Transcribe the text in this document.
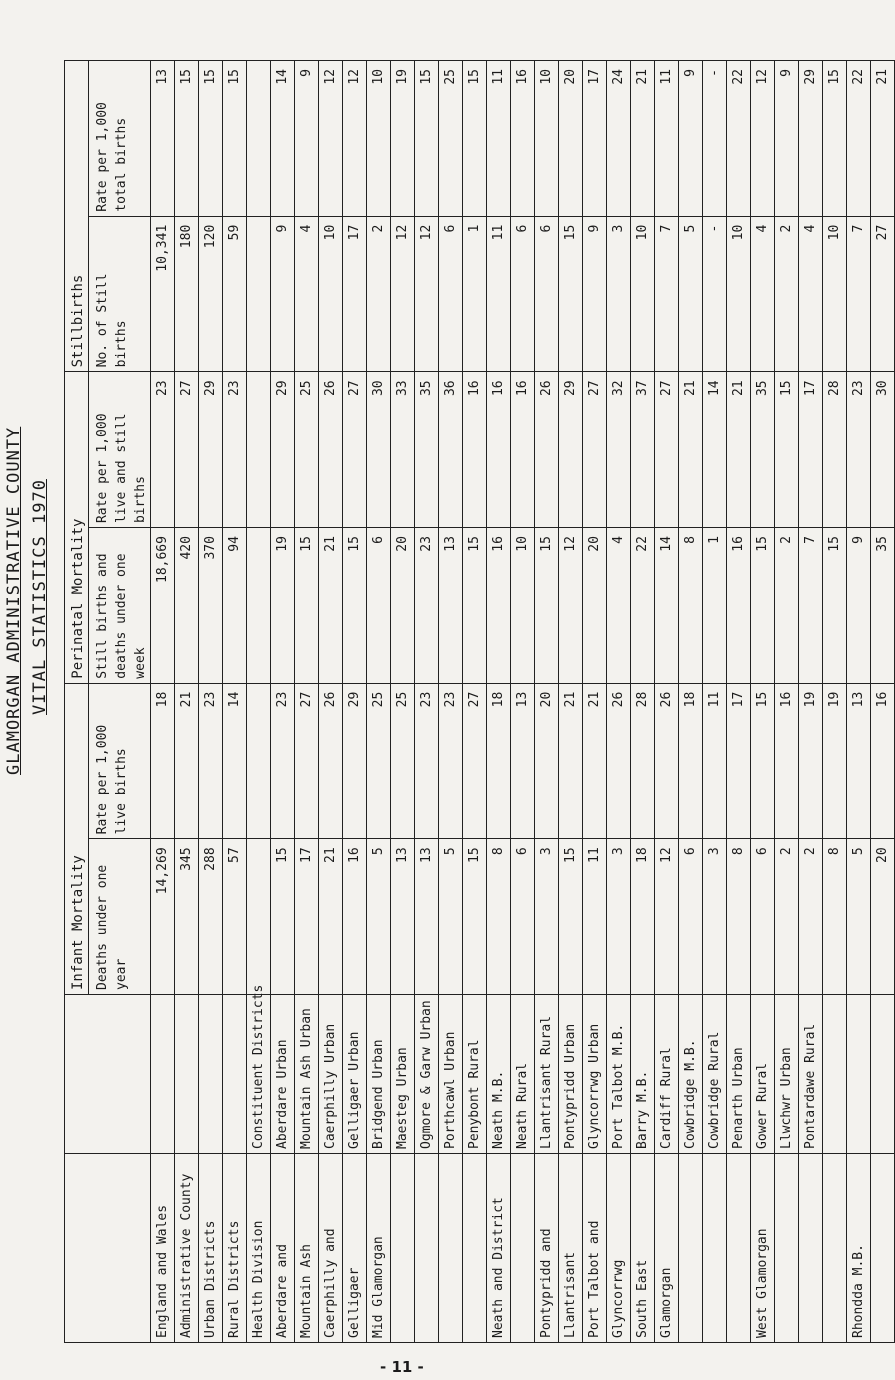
GLAMORGAN ADMINISTRATIVE COUNTY VITAL STATISTICS 1970
		Infant Mortality		Perinatal Mortality		Stillbirths	
		Deaths under one year	Rate per 1,000 live births	Still births and deaths under one week	Rate per 1,000 live and still births	No. of Still births	Rate per 1,000 total births
England and Wales		14,269	18	18,669	23	10,341	13
Administrative County		345	21	420	27	180	15
Urban Districts		288	23	370	29	120	15
Rural Districts		57	14	94	23	59	15
Health Division	Constituent Districts						
Aberdare and	Aberdare Urban	15	23	19	29	9	14
Mountain Ash	Mountain Ash Urban	17	27	15	25	4	9
Caerphilly and	Caerphilly Urban	21	26	21	26	10	12
Gelligaer	Gelligaer Urban	16	29	15	27	17	12
Mid Glamorgan	Bridgend Urban	5	25	6	30	2	10
	Maesteg Urban	13	25	20	33	12	19
	Ogmore & Garw Urban	13	23	23	35	12	15
	Porthcawl Urban	5	23	13	36	6	25
	Penybont Rural	15	27	15	16	1	15
Neath and District	Neath M.B.	8	18	16	16	11	11
	Neath Rural	6	13	10	16	6	16
Pontypridd and	Llantrisant Rural	3	20	15	26	6	10
Llantrisant	Pontypridd Urban	15	21	12	29	15	20
Port Talbot and	Glyncorrwg Urban	11	21	20	27	9	17
Glyncorrwg	Port Talbot M.B.	3	26	4	32	3	24
South East	Barry M.B.	18	28	22	37	10	21
Glamorgan	Cardiff Rural	12	26	14	27	7	11
	Cowbridge M.B.	6	18	8	21	5	9
	Cowbridge Rural	3	11	1	14	-	-
	Penarth Urban	8	17	16	21	10	22
West Glamorgan	Gower Rural	6	15	15	35	4	12
	Llwchwr Urban	2	16	2	15	2	9
	Pontardawe Rural	2	19	7	17	4	29
		8	19	15	28	10	15
Rhondda M.B.		5	13	9	23	7	22
		20	16	35	30	27	21
- 11 -
